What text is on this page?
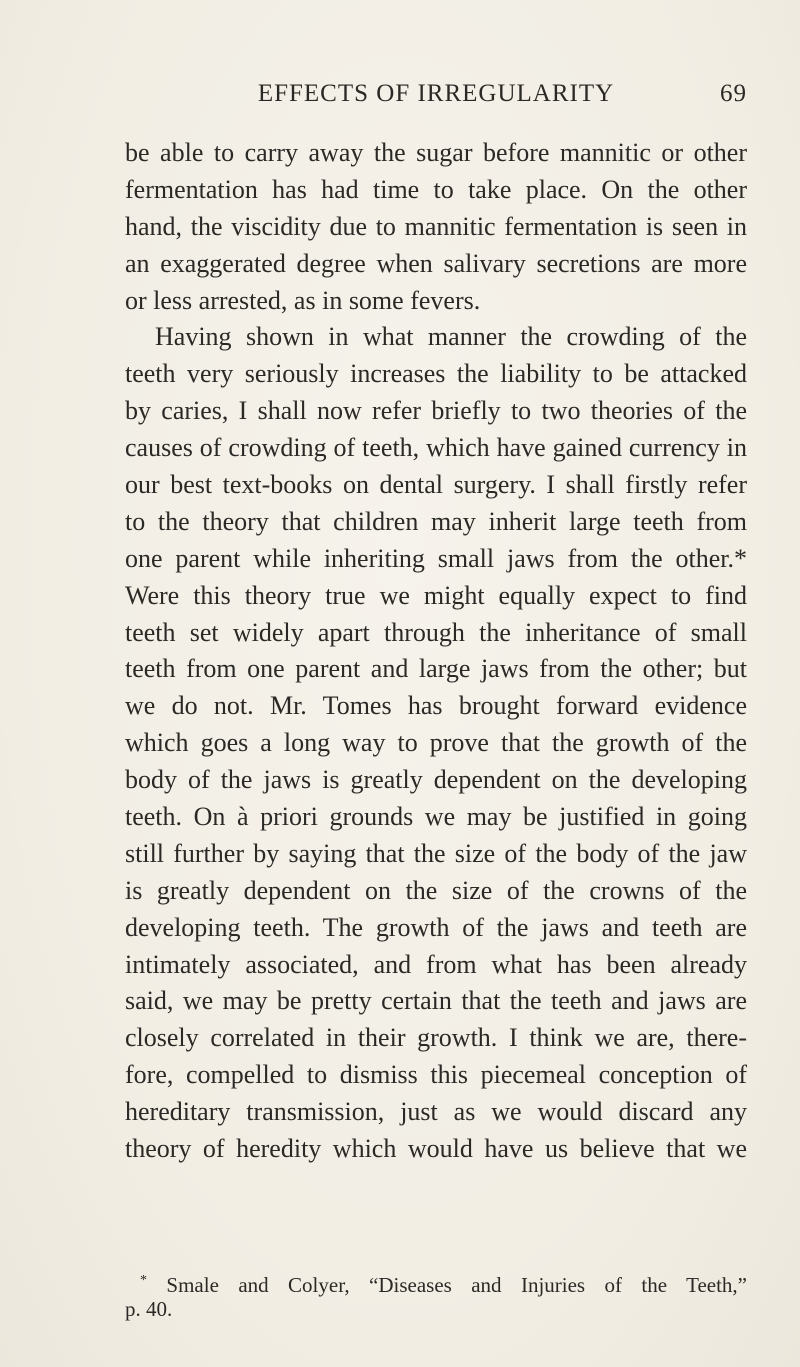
EFFECTS OF IRREGULARITY	69
be able to carry away the sugar before mannitic or other
fermentation has had time to take place. On the other
hand, the viscidity due to mannitic fermentation is seen in
an exaggerated degree when salivary secretions are more
or less arrested, as in some fevers.
Having shown in what manner the crowding of the
teeth very seriously increases the liability to be attacked
by caries, I shall now refer briefly to two theories of the
causes of crowding of teeth, which have gained currency in
our best text-books on dental surgery. I shall firstly refer
to the theory that children may inherit large teeth from
one parent while inheriting small jaws from the other.*
Were this theory true we might equally expect to find
teeth set widely apart through the inheritance of small
teeth from one parent and large jaws from the other; but
we do not. Mr. Tomes has brought forward evidence
which goes a long way to prove that the growth of the
body of the jaws is greatly dependent on the developing
teeth. On à priori grounds we may be justified in going
still further by saying that the size of the body of the jaw
is greatly dependent on the size of the crowns of the
developing teeth. The growth of the jaws and teeth are
intimately associated, and from what has been already
said, we may be pretty certain that the teeth and jaws are
closely correlated in their growth. I think we are, there-
fore, compelled to dismiss this piecemeal conception of
hereditary transmission, just as we would discard any
theory of heredity which would have us believe that we
* Smale and Colyer, “Diseases and Injuries of the Teeth,”
p. 40.
